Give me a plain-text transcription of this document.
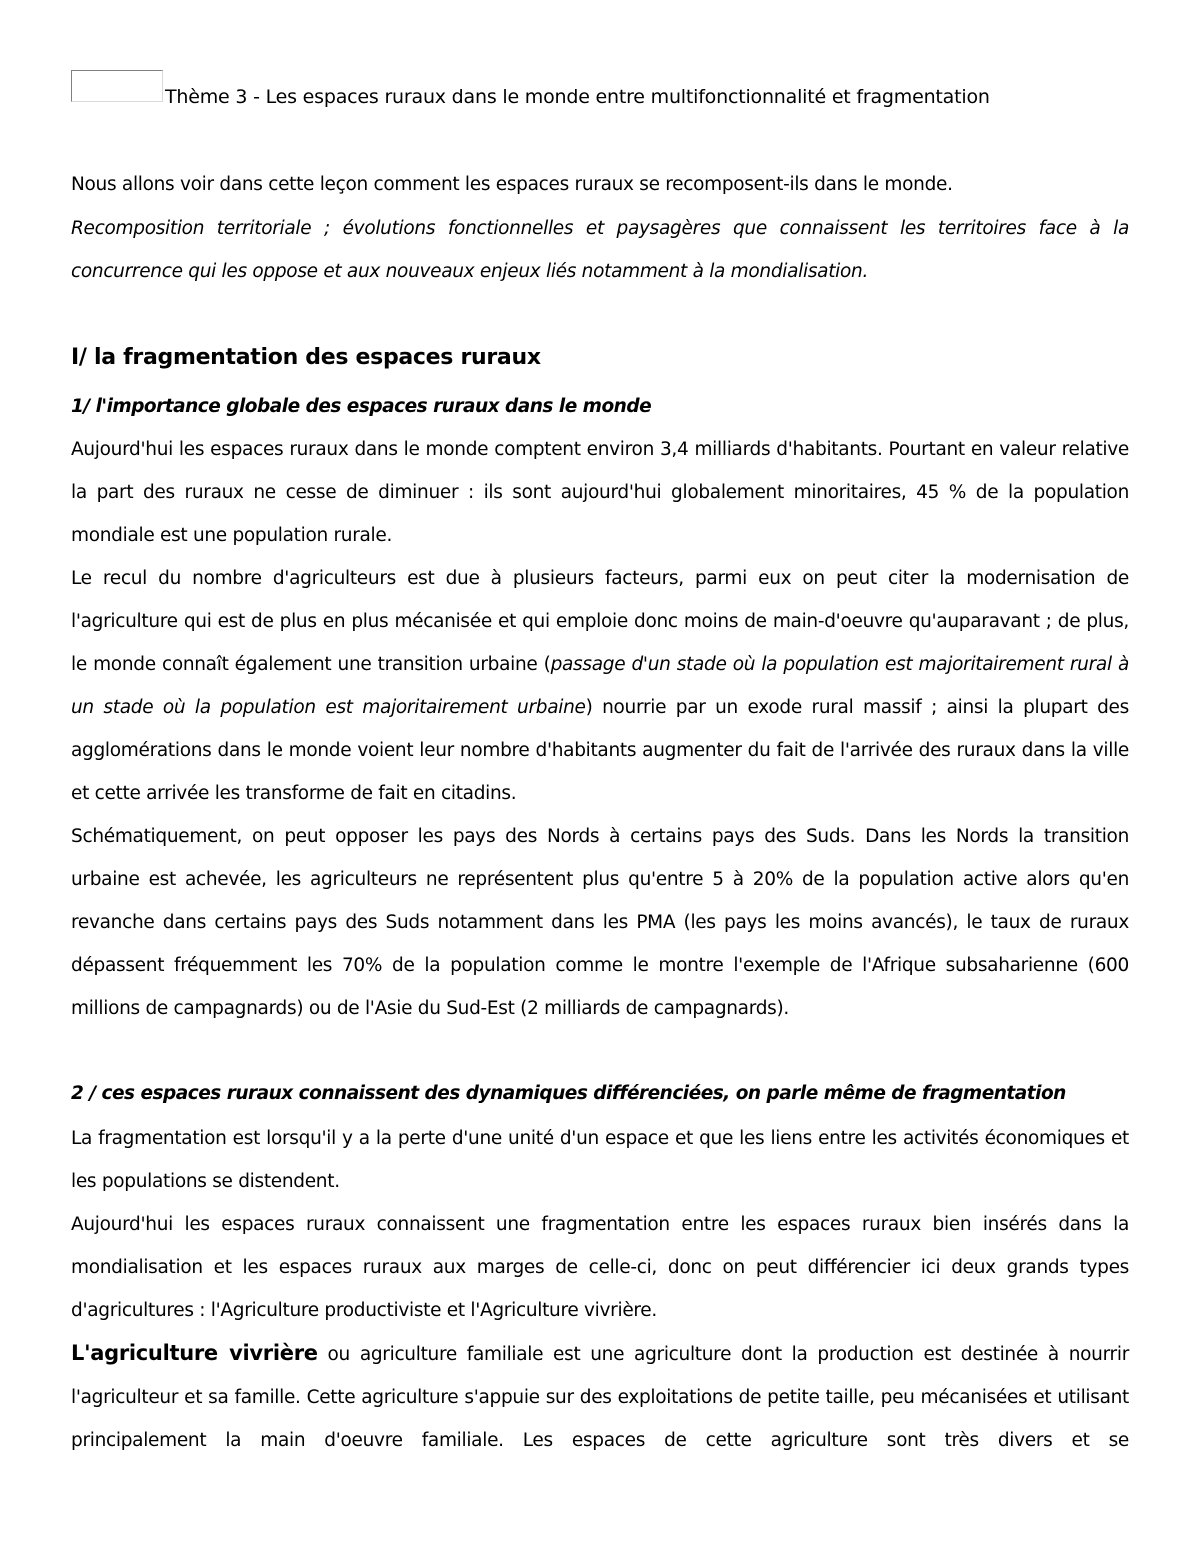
Thème 3 - Les espaces ruraux dans le monde entre multifonctionnalité et fragmentation
Nous allons voir dans cette leçon comment les espaces ruraux se recomposent-ils dans le monde.

Recomposition territoriale ; évolutions fonctionnelles et paysagères que connaissent les territoires face à la concurrence qui les oppose et aux nouveaux enjeux liés notamment à la mondialisation.

I/ la fragmentation des espaces ruraux
1/ l'importance globale des espaces ruraux dans le monde

Aujourd'hui les espaces ruraux dans le monde comptent environ 3,4 milliards d'habitants. Pourtant en valeur relative la part des ruraux ne cesse de diminuer : ils sont aujourd'hui globalement minoritaires, 45 % de la population mondiale est une population rurale.

Le recul du nombre d'agriculteurs est due à plusieurs facteurs, parmi eux on peut citer la modernisation de l'agriculture qui est de plus en plus mécanisée et qui emploie donc moins de main-d'oeuvre qu'auparavant ; de plus, le monde connaît également une transition urbaine (passage d'un stade où la population est majoritairement rural à un stade où la population est majoritairement urbaine) nourrie par un exode rural massif ; ainsi la plupart des agglomérations dans le monde voient leur nombre d'habitants augmenter du fait de l'arrivée des ruraux dans la ville et cette arrivée les transforme de fait en citadins.

Schématiquement, on peut opposer les pays des Nords à certains pays des Suds. Dans les Nords la transition urbaine est achevée, les agriculteurs ne représentent plus qu'entre 5 à 20% de la population active alors qu'en revanche dans certains pays des Suds notamment dans les PMA (les pays les moins avancés), le taux de ruraux dépassent fréquemment les 70% de la population comme le montre l'exemple de l'Afrique subsaharienne (600 millions de campagnards) ou de l'Asie du Sud-Est (2 milliards de campagnards).

2 / ces espaces ruraux connaissent des dynamiques différenciées, on parle même de fragmentation

La fragmentation est lorsqu'il y a la perte d'une unité d'un espace et que les liens entre les activités économiques et les populations se distendent.

Aujourd'hui les espaces ruraux connaissent une fragmentation entre les espaces ruraux bien insérés dans la mondialisation et les espaces ruraux aux marges de celle-ci, donc on peut différencier ici deux grands types d'agricultures : l'Agriculture productiviste et l'Agriculture vivrière.

L'agriculture vivrière ou agriculture familiale est une agriculture dont la production est destinée à nourrir l'agriculteur et sa famille. Cette agriculture s'appuie sur des exploitations de petite taille, peu mécanisées et utilisant principalement la main d'oeuvre familiale. Les espaces de cette agriculture sont très divers et se
